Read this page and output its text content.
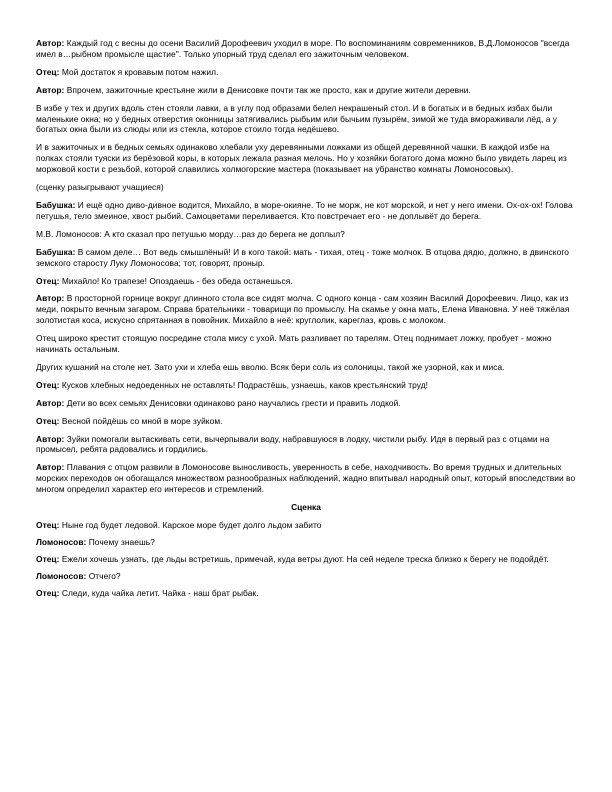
Автор: Каждый год с весны до осени Василий Дорофеевич уходил в море. По воспоминаниям современников, В.Д.Ломоносов "всегда имел в…рыбном промысле щастие". Только упорный труд сделал его зажиточным человеком.

Отец: Мой достаток я кровавым потом нажил.

Автор: Впрочем, зажиточные крестьяне жили в Денисовке почти так же просто, как и другие жители деревни.

В избе у тех и других вдоль стен стояли лавки, а в углу под образами белел некрашеный стол. И в богатых и в бедных избах были маленькие окна; но у бедных отверстия оконницы затягивались рыбьим или бычьим пузырём, зимой же туда вмораживали лёд, а у богатых окна были из слюды или из стекла, которое стоило тогда недёшево.

И в зажиточных и в бедных семьях одинаково хлебали уху деревянными ложками из общей деревянной чашки. В каждой избе на полках стояли туяски из берёзовой коры, в которых лежала разная мелочь. Но у хозяйки богатого дома можно было увидеть ларец из моржовой кости с резьбой, которой славились холмогорские мастера (показывает на убранство комнаты Ломоносовых).

(сценку разыгрывают учащиеся)

Бабушка: И ещё одно диво-дивное водится, Михайло, в море-окияне. То не морж, не кот морской, и нет у него имени. Ох-ох-ох! Голова петушья, тело змеиное, хвост рыбий. Самоцветами переливается. Кто повстречает его - не доплывёт до берега.

М.В. Ломоносов: А кто сказал про петушью морду…раз до берега не доплыл?

Бабушка: В самом деле… Вот ведь смышлёный! И в кого такой: мать - тихая, отец - тоже молчок. В отцова дядю, должно, в двинского земского старосту Луку Ломоносова; тот, говорят, проныр.

Отец: Михайло! Ко трапезе! Опоздаешь - без обеда останешься.

Автор: В просторной горнице вокруг длинного стола все сидят молча. С одного конца - сам хозяин Василий Дорофеевич. Лицо, как из меди, покрыто вечным загаром. Справа брательники - товарищи по промыслу. На скамье у окна мать, Елена Ивановна. У неё тяжёлая золотистая коса, искусно спрятанная в повойник. Михайло в неё: круглолик, кареглаз, кровь с молоком.

Отец широко крестит стоящую посредине стола мису с ухой. Мать разливает по тарелям. Отец поднимает ложку, пробует - можно начинать остальным.

Других кушаний на столе нет. Зато ухи и хлеба ешь вволю. Всяк бери соль из солоницы, такой же узорной, как и миса.

Отец: Кусков хлебных недоеденных не оставлять! Подрастёшь, узнаешь, каков крестьянский труд!

Автор: Дети во всех семьях Денисовки одинаково рано научались грести и править лодкой.

Отец: Весной пойдёшь со мной в море зуйком.

Автор: Зуйки помогали вытаскивать сети, вычерпывали воду, набравшуюся в лодку, чистили рыбу. Идя в первый раз с отцами на промысел, ребята радовались и гордились.

Автор: Плавания с отцом развили в Ломоносове выносливость, уверенность в себе, находчивость. Во время трудных и длительных морских переходов он обогащался множеством разнообразных наблюдений, жадно впитывал народный опыт, который впоследствии во многом определил характер его интересов и стремлений.

Сценка

Отец: Ныне год будет ледовой. Карское море будет долго льдом забито

Ломоносов: Почему знаешь?

Отец: Ежели хочешь узнать, где льды встретишь, примечай, куда ветры дуют. На сей неделе треска близко к берегу не подойдёт.

Ломоносов: Отчего?

Отец: Следи, куда чайка летит. Чайка - наш брат рыбак.
